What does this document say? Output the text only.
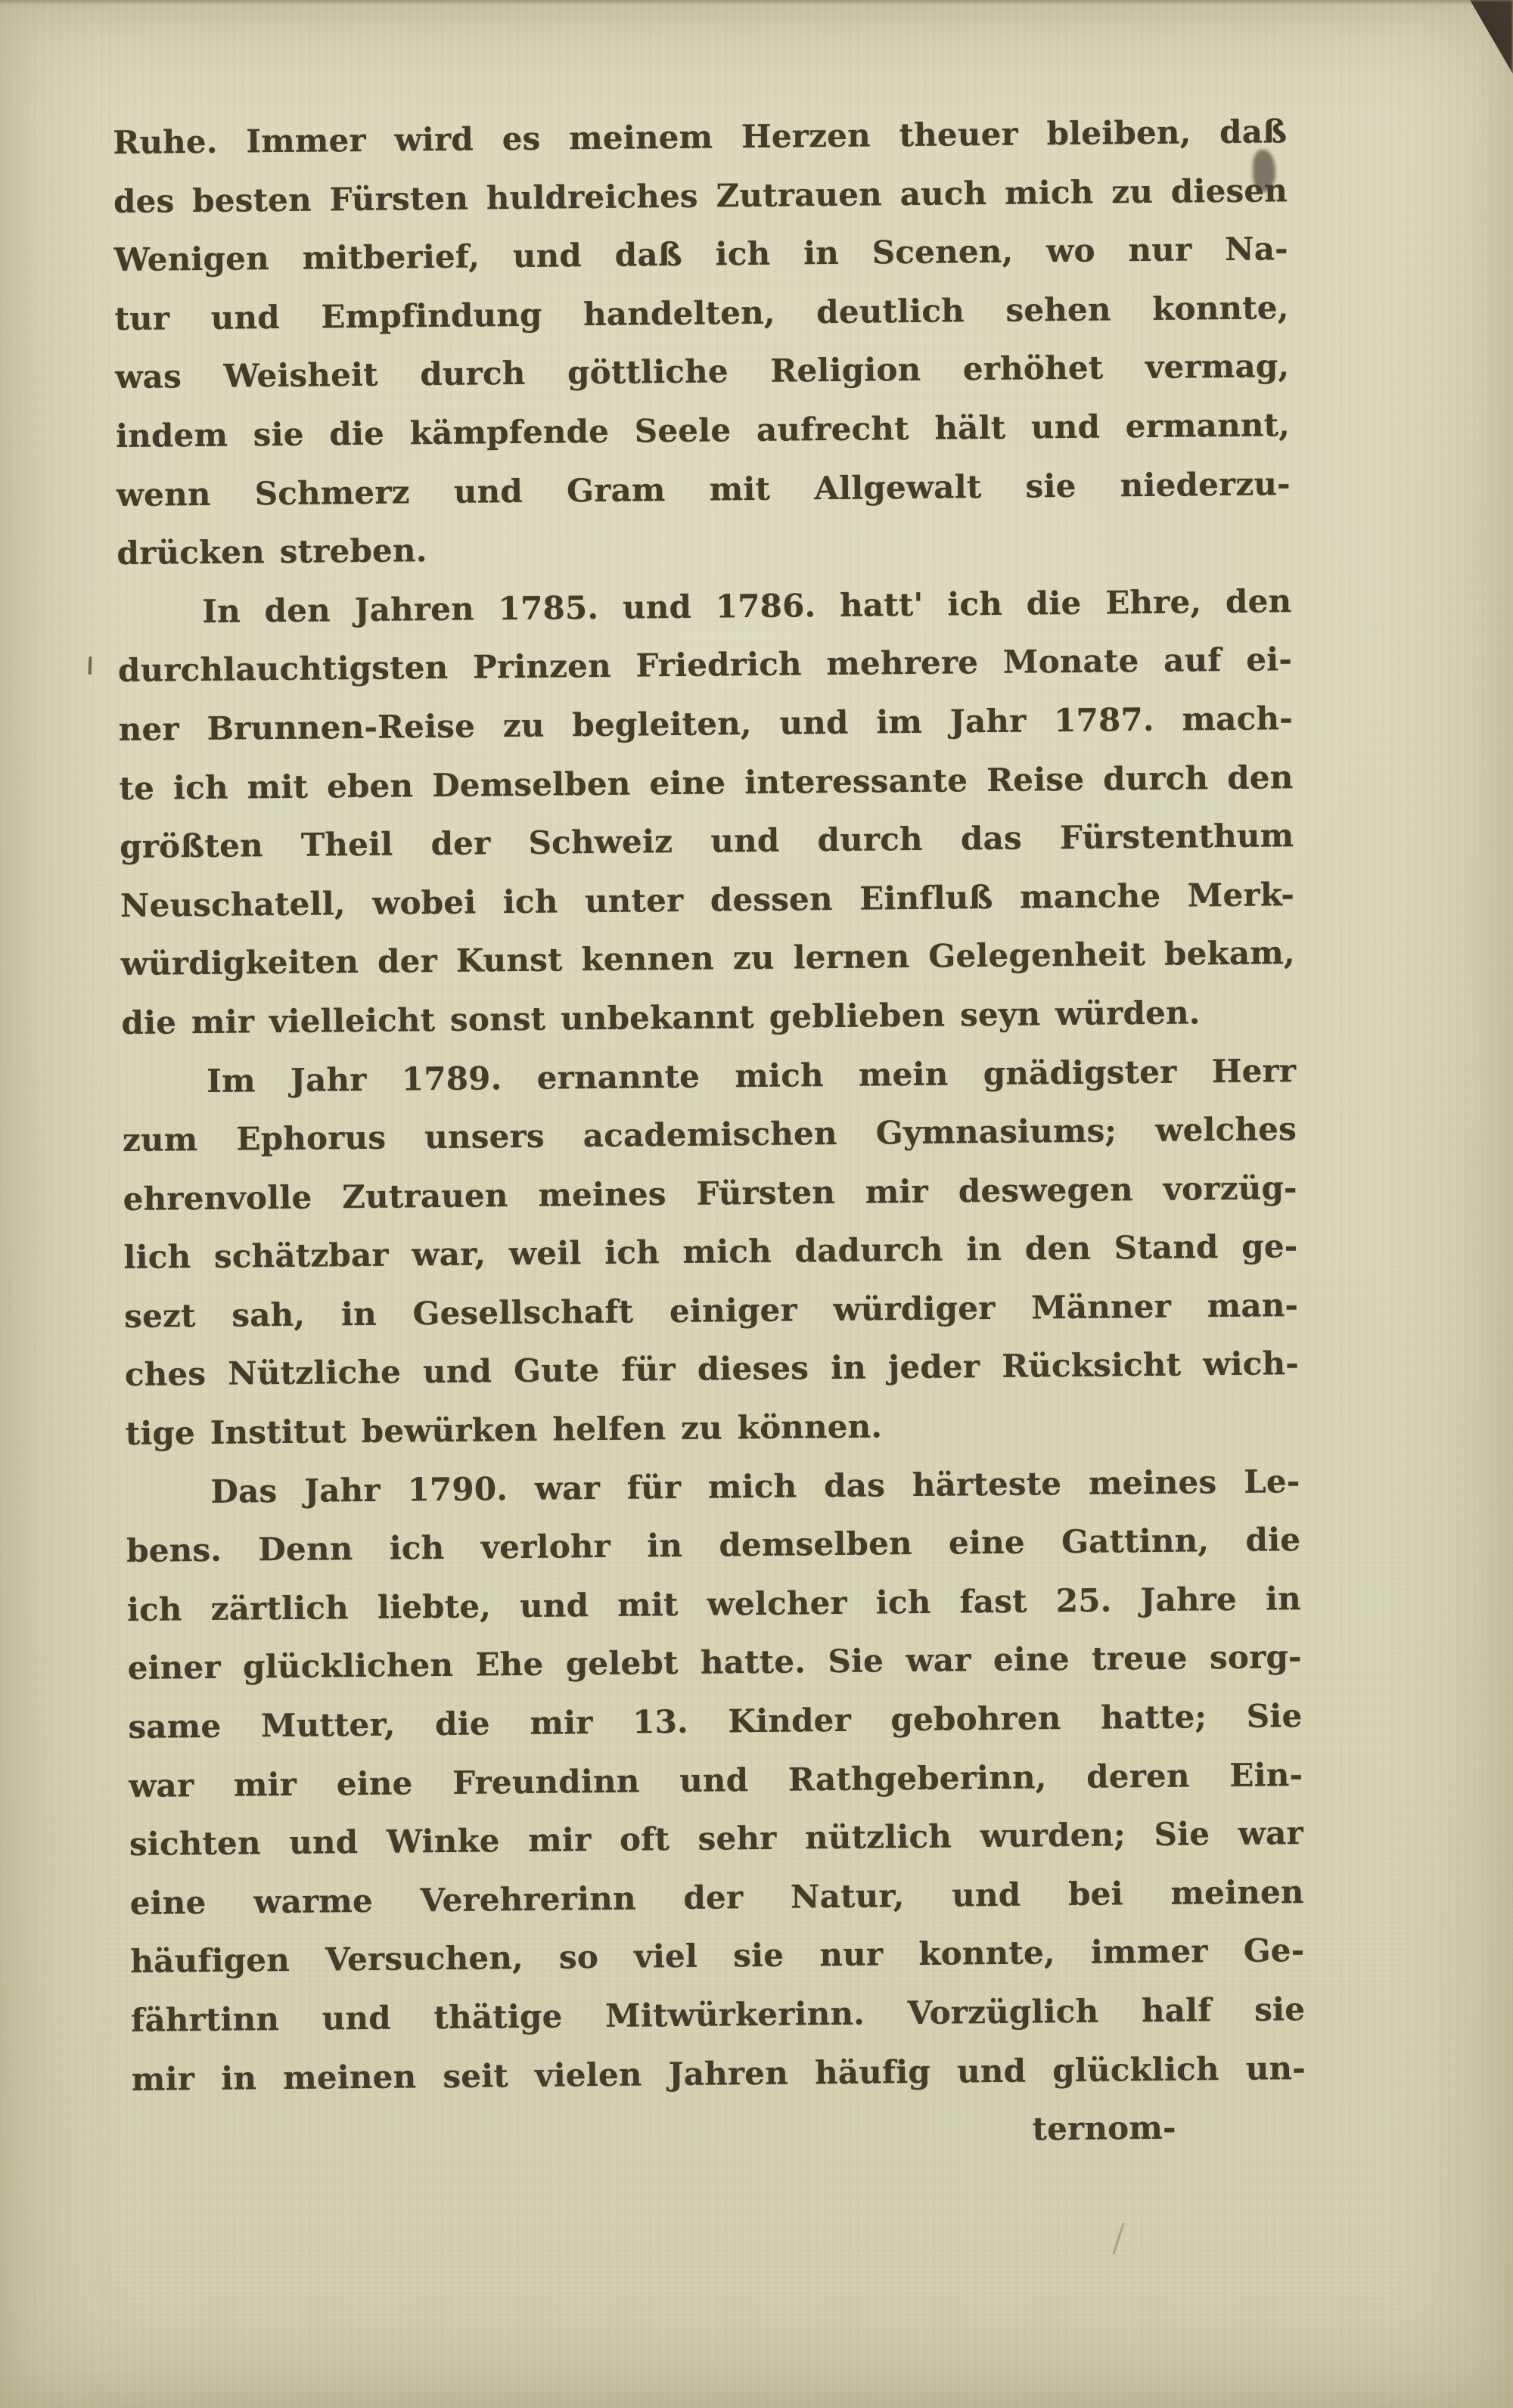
Ruhe. Immer wird es meinem Herzen theuer bleiben, daß
des besten Fürsten huldreiches Zutrauen auch mich zu diesen
Wenigen mitberief, und daß ich in Scenen, wo nur Na-
tur und Empfindung handelten, deutlich sehen konnte,
was Weisheit durch göttliche Religion erhöhet vermag,
indem sie die kämpfende Seele aufrecht hält und ermannt,
wenn Schmerz und Gram mit Allgewalt sie niederzu-
drücken streben.
In den Jahren 1785. und 1786. hatt' ich die Ehre, den
durchlauchtigsten Prinzen Friedrich mehrere Monate auf ei-
ner Brunnen-Reise zu begleiten, und im Jahr 1787. mach-
te ich mit eben Demselben eine interessante Reise durch den
größten Theil der Schweiz und durch das Fürstenthum
Neuschatell, wobei ich unter dessen Einfluß manche Merk-
würdigkeiten der Kunst kennen zu lernen Gelegenheit bekam,
die mir vielleicht sonst unbekannt geblieben seyn würden.
Im Jahr 1789. ernannte mich mein gnädigster Herr
zum Ephorus unsers academischen Gymnasiums; welches
ehrenvolle Zutrauen meines Fürsten mir deswegen vorzüg-
lich schätzbar war, weil ich mich dadurch in den Stand ge-
sezt sah, in Gesellschaft einiger würdiger Männer man-
ches Nützliche und Gute für dieses in jeder Rücksicht wich-
tige Institut bewürken helfen zu können.
Das Jahr 1790. war für mich das härteste meines Le-
bens. Denn ich verlohr in demselben eine Gattinn, die
ich zärtlich liebte, und mit welcher ich fast 25. Jahre in
einer glücklichen Ehe gelebt hatte. Sie war eine treue sorg-
same Mutter, die mir 13. Kinder gebohren hatte; Sie
war mir eine Freundinn und Rathgeberinn, deren Ein-
sichten und Winke mir oft sehr nützlich wurden; Sie war
eine warme Verehrerinn der Natur, und bei meinen
häufigen Versuchen, so viel sie nur konnte, immer Ge-
fährtinn und thätige Mitwürkerinn. Vorzüglich half sie
mir in meinen seit vielen Jahren häufig und glücklich un-
ternom-
